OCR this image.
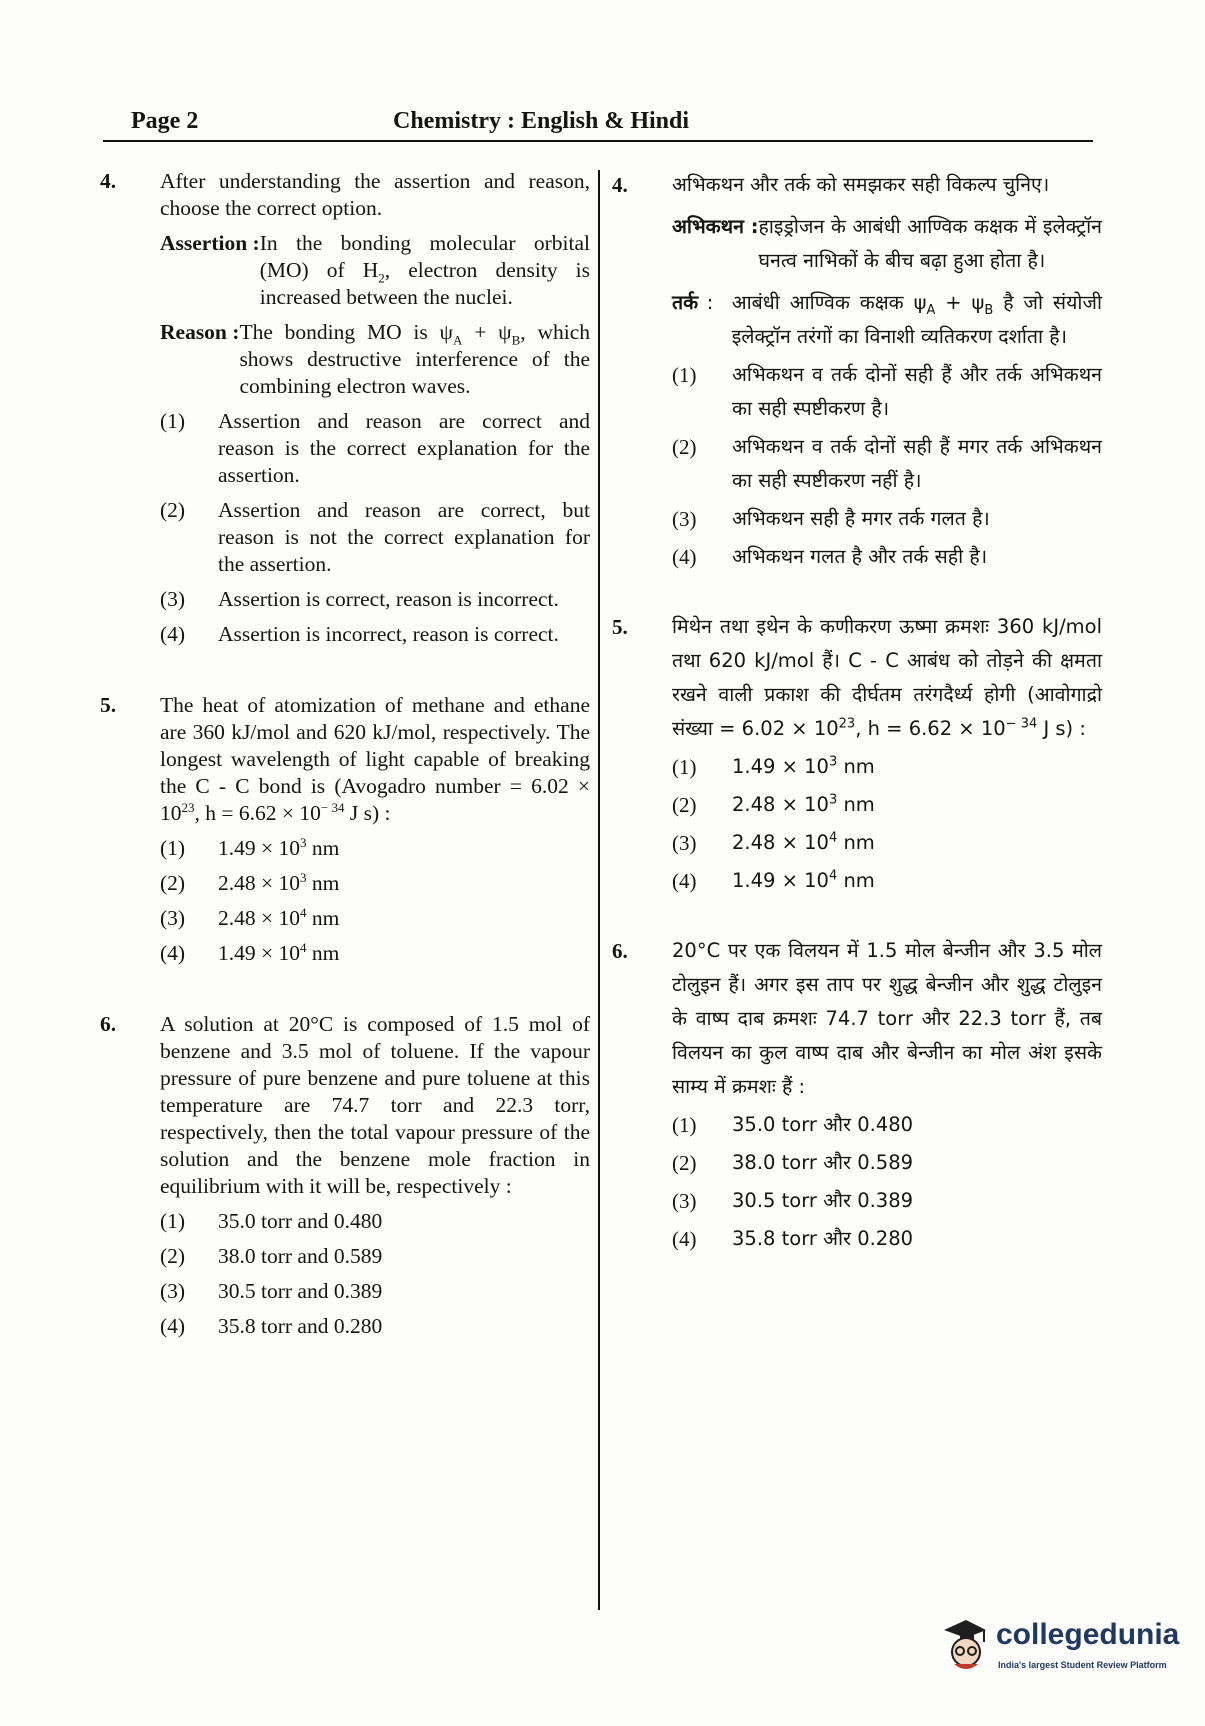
Page 2	Chemistry : English & Hindi
4. After understanding the assertion and reason, choose the correct option.
Assertion : In the bonding molecular orbital (MO) of $H_2$, electron density is increased between the nuclei.
Reason : The bonding MO is $\psi_A + \psi_B$, which shows destructive interference of the combining electron waves.
(1)	Assertion and reason are correct and reason is the correct explanation for the assertion.
(2)	Assertion and reason are correct, but reason is not the correct explanation for the assertion.
(3)	Assertion is correct, reason is incorrect.
(4)	Assertion is incorrect, reason is correct.
5. The heat of atomization of methane and ethane are 360 kJ/mol and 620 kJ/mol, respectively. The longest wavelength of light capable of breaking the C - C bond is (Avogadro number = $6.02 \times 10^{23}$, $h = 6.62 \times 10^{- 34}$ J s) :
(1)	$1.49 \times 10^3$ nm
(2)	$2.48 \times 10^3$ nm
(3)	$2.48 \times 10^4$ nm
(4)	$1.49 \times 10^4$ nm
6. A solution at 20°C is composed of 1.5 mol of benzene and 3.5 mol of toluene. If the vapour pressure of pure benzene and pure toluene at this temperature are 74.7 torr and 22.3 torr, respectively, then the total vapour pressure of the solution and the benzene mole fraction in equilibrium with it will be, respectively :
(1)	35.0 torr and 0.480
(2)	38.0 torr and 0.589
(3)	30.5 torr and 0.389
(4)	35.8 torr and 0.280
4. अभिकथन और तर्क को समझकर सही विकल्प चुनिए।
अभिकथन : हाइड्रोजन के आबंधी आण्विक कक्षक में इलेक्ट्रॉन घनत्व नाभिकों के बीच बढ़ा हुआ होता है।
तर्क : आबंधी आण्विक कक्षक $\psi_A + \psi_B$ है जो संयोजी इलेक्ट्रॉन तरंगों का विनाशी व्यतिकरण दर्शाता है।
(1)	अभिकथन व तर्क दोनों सही हैं और तर्क अभिकथन का सही स्पष्टीकरण है।
(2)	अभिकथन व तर्क दोनों सही हैं मगर तर्क अभिकथन का सही स्पष्टीकरण नहीं है।
(3)	अभिकथन सही है मगर तर्क गलत है।
(4)	अभिकथन गलत है और तर्क सही है।
5. मिथेन तथा इथेन के कणीकरण ऊष्मा क्रमशः 360 kJ/mol तथा 620 kJ/mol हैं। C - C आबंध को तोड़ने की क्षमता रखने वाली प्रकाश की दीर्घतम तरंगदैर्ध्य होगी (आवोगाद्रो संख्या = $6.02 \times 10^{23}$, $h = 6.62 \times 10^{- 34}$ J s) :
(1)	$1.49 \times 10^3$ nm
(2)	$2.48 \times 10^3$ nm
(3)	$2.48 \times 10^4$ nm
(4)	$1.49 \times 10^4$ nm
6. 20°C पर एक विलयन में 1.5 मोल बेन्जीन और 3.5 मोल टोलुइन हैं। अगर इस ताप पर शुद्ध बेन्जीन और शुद्ध टोलुइन के वाष्प दाब क्रमशः 74.7 torr और 22.3 torr हैं, तब विलयन का कुल वाष्प दाब और बेन्जीन का मोल अंश इसके साम्य में क्रमशः हैं :
(1)	35.0 torr और 0.480
(2)	38.0 torr और 0.589
(3)	30.5 torr और 0.389
(4)	35.8 torr और 0.280
collegedunia
India's largest Student Review Platform
